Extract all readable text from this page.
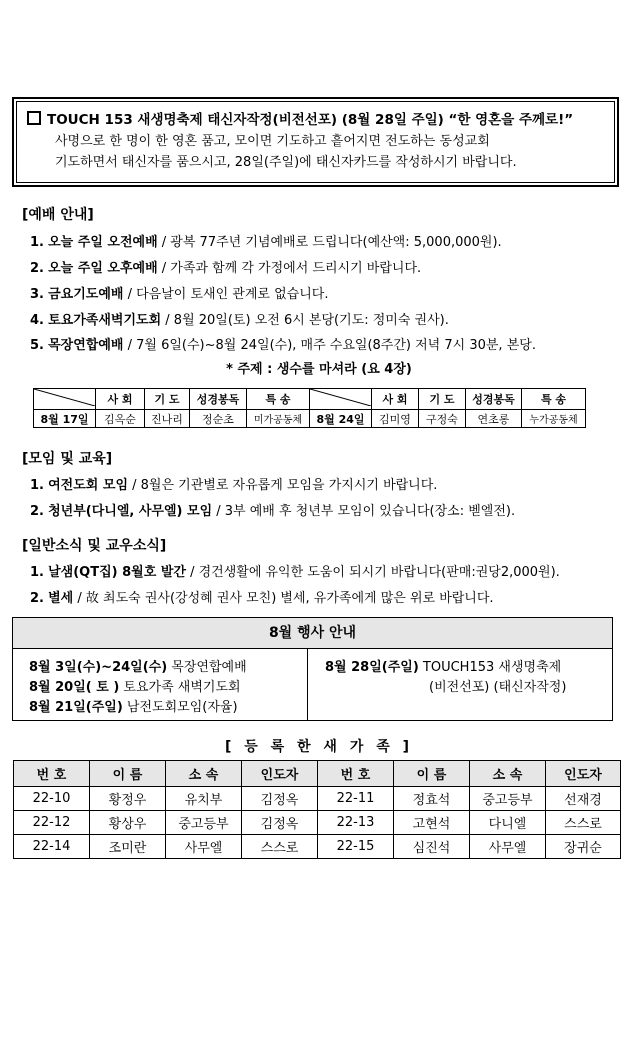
TOUCH 153 새생명축제 태신자작정(비전선포) (8월 28일 주일) “한 영혼을 주께로!”
사명으로 한 명이 한 영혼 품고, 모이면 기도하고 흩어지면 전도하는 동성교회
기도하면서 태신자를 품으시고, 28일(주일)에 태신자카드를 작성하시기 바랍니다.
[예배 안내]
1. 오늘 주일 오전예배 / 광복 77주년 기념예배로 드립니다(예산액: 5,000,000원).
2. 오늘 주일 오후예배 / 가족과 함께 각 가정에서 드리시기 바랍니다.
3. 금요기도예배 / 다음날이 토새인 관계로 없습니다.
4. 토요가족새벽기도회 / 8월 20일(토) 오전 6시 본당(기도: 정미숙 권사).
5. 목장연합예배 / 7월 6일(수)~8월 24일(수), 매주 수요일(8주간) 저녁 7시 30분, 본당.
* 주제 : 생수를 마셔라 (요 4장)
	사 회	기 도	성경봉독	특 송		사 회	기 도	성경봉독	특 송
8월 17일	김옥순	진나리	정순초	미가공동체	8월 24일	김미영	구정숙	연초롱	누가공동체
[모임 및 교육]
1. 여전도회 모임 / 8월은 기관별로 자유롭게 모임을 가지시기 바랍니다.
2. 청년부(다니엘, 사무엘) 모임 / 3부 예배 후 청년부 모임이 있습니다(장소: 벧엘전).
[일반소식 및 교우소식]
1. 날샘(QT집) 8월호 발간 / 경건생활에 유익한 도움이 되시기 바랍니다(판매:권당2,000원).
2. 별세 / 故 최도숙 권사(강성혜 권사 모친) 별세, 유가족에게 많은 위로 바랍니다.
8월 행사 안내
8월 3일(수)~24일(수) 목장연합예배
8월 20일( 토 ) 토요가족 새벽기도회
8월 21일(주일) 남전도회모임(자율)
8월 28일(주일) TOUCH153 새생명축제
(비전선포) (태신자작정)
[ 등 록 한 새 가 족 ]
번 호	이 름	소 속	인도자	번 호	이 름	소 속	인도자
22-10	황정우	유치부	김정옥	22-11	정효석	중고등부	선재경
22-12	황상우	중고등부	김정옥	22-13	고현석	다니엘	스스로
22-14	조미란	사무엘	스스로	22-15	심진석	사무엘	장귀순
